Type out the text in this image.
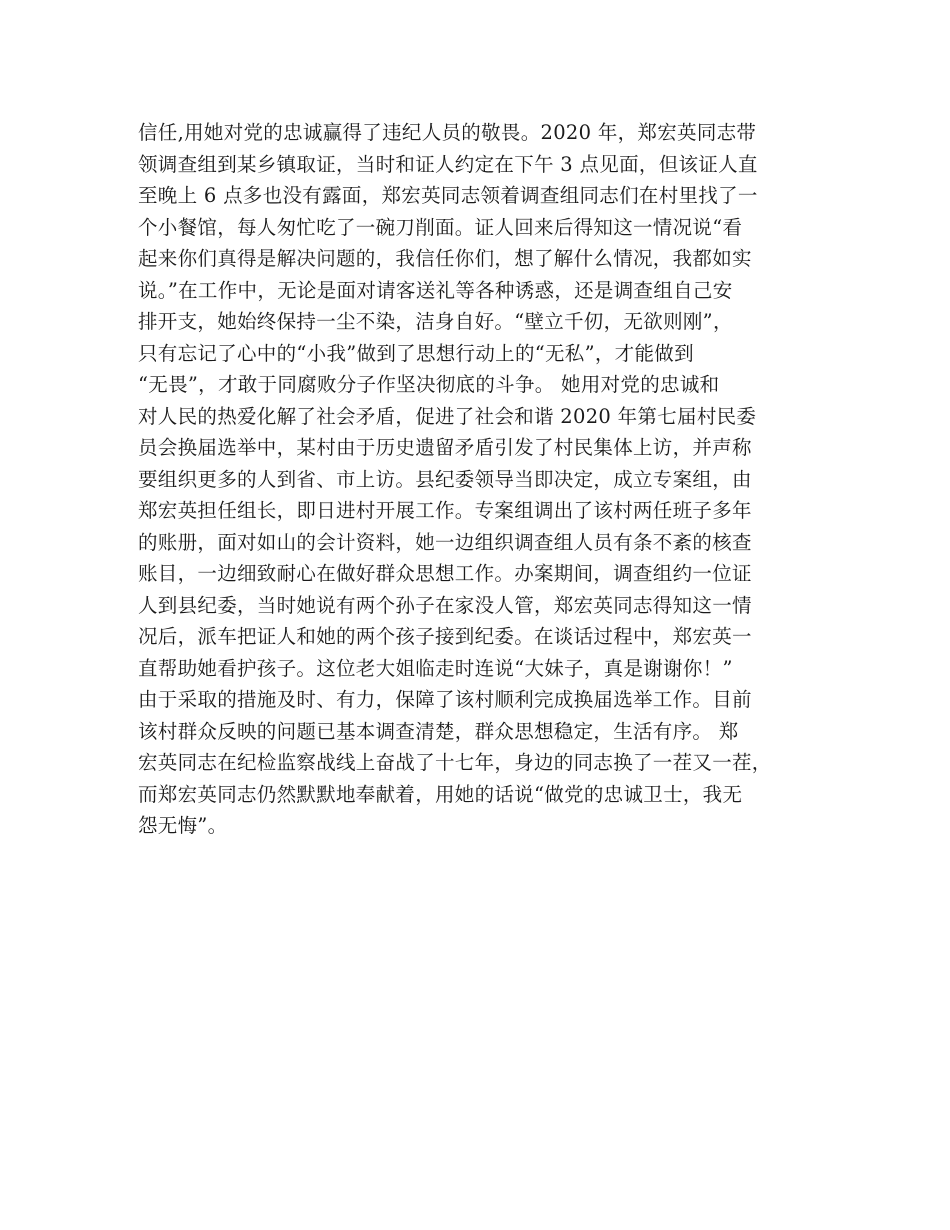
信任,用她对党的忠诚赢得了违纪人员的敬畏。2020 年，郑宏英同志带
领调查组到某乡镇取证，当时和证人约定在下午 3 点见面，但该证人直
至晚上 6 点多也没有露面，郑宏英同志领着调查组同志们在村里找了一
个小餐馆，每人匆忙吃了一碗刀削面。证人回来后得知这一情况说“看
起来你们真得是解决问题的，我信任你们，想了解什么情况，我都如实
说。”在工作中，无论是面对请客送礼等各种诱惑，还是调查组自己安
排开支，她始终保持一尘不染，洁身自好。“壁立千仞，无欲则刚”，
只有忘记了心中的“小我”做到了思想行动上的“无私”，才能做到
“无畏”，才敢于同腐败分子作坚决彻底的斗争。 她用对党的忠诚和
对人民的热爱化解了社会矛盾，促进了社会和谐 2020 年第七届村民委
员会换届选举中，某村由于历史遗留矛盾引发了村民集体上访，并声称
要组织更多的人到省、市上访。县纪委领导当即决定，成立专案组，由
郑宏英担任组长，即日进村开展工作。专案组调出了该村两任班子多年
的账册，面对如山的会计资料，她一边组织调查组人员有条不紊的核查
账目，一边细致耐心在做好群众思想工作。办案期间，调查组约一位证
人到县纪委，当时她说有两个孙子在家没人管，郑宏英同志得知这一情
况后，派车把证人和她的两个孩子接到纪委。在谈话过程中，郑宏英一
直帮助她看护孩子。这位老大姐临走时连说“大妹子，真是谢谢你！”
由于采取的措施及时、有力，保障了该村顺利完成换届选举工作。目前
该村群众反映的问题已基本调查清楚，群众思想稳定，生活有序。 郑
宏英同志在纪检监察战线上奋战了十七年，身边的同志换了一茬又一茬，
而郑宏英同志仍然默默地奉献着，用她的话说“做党的忠诚卫士，我无
怨无悔”。
